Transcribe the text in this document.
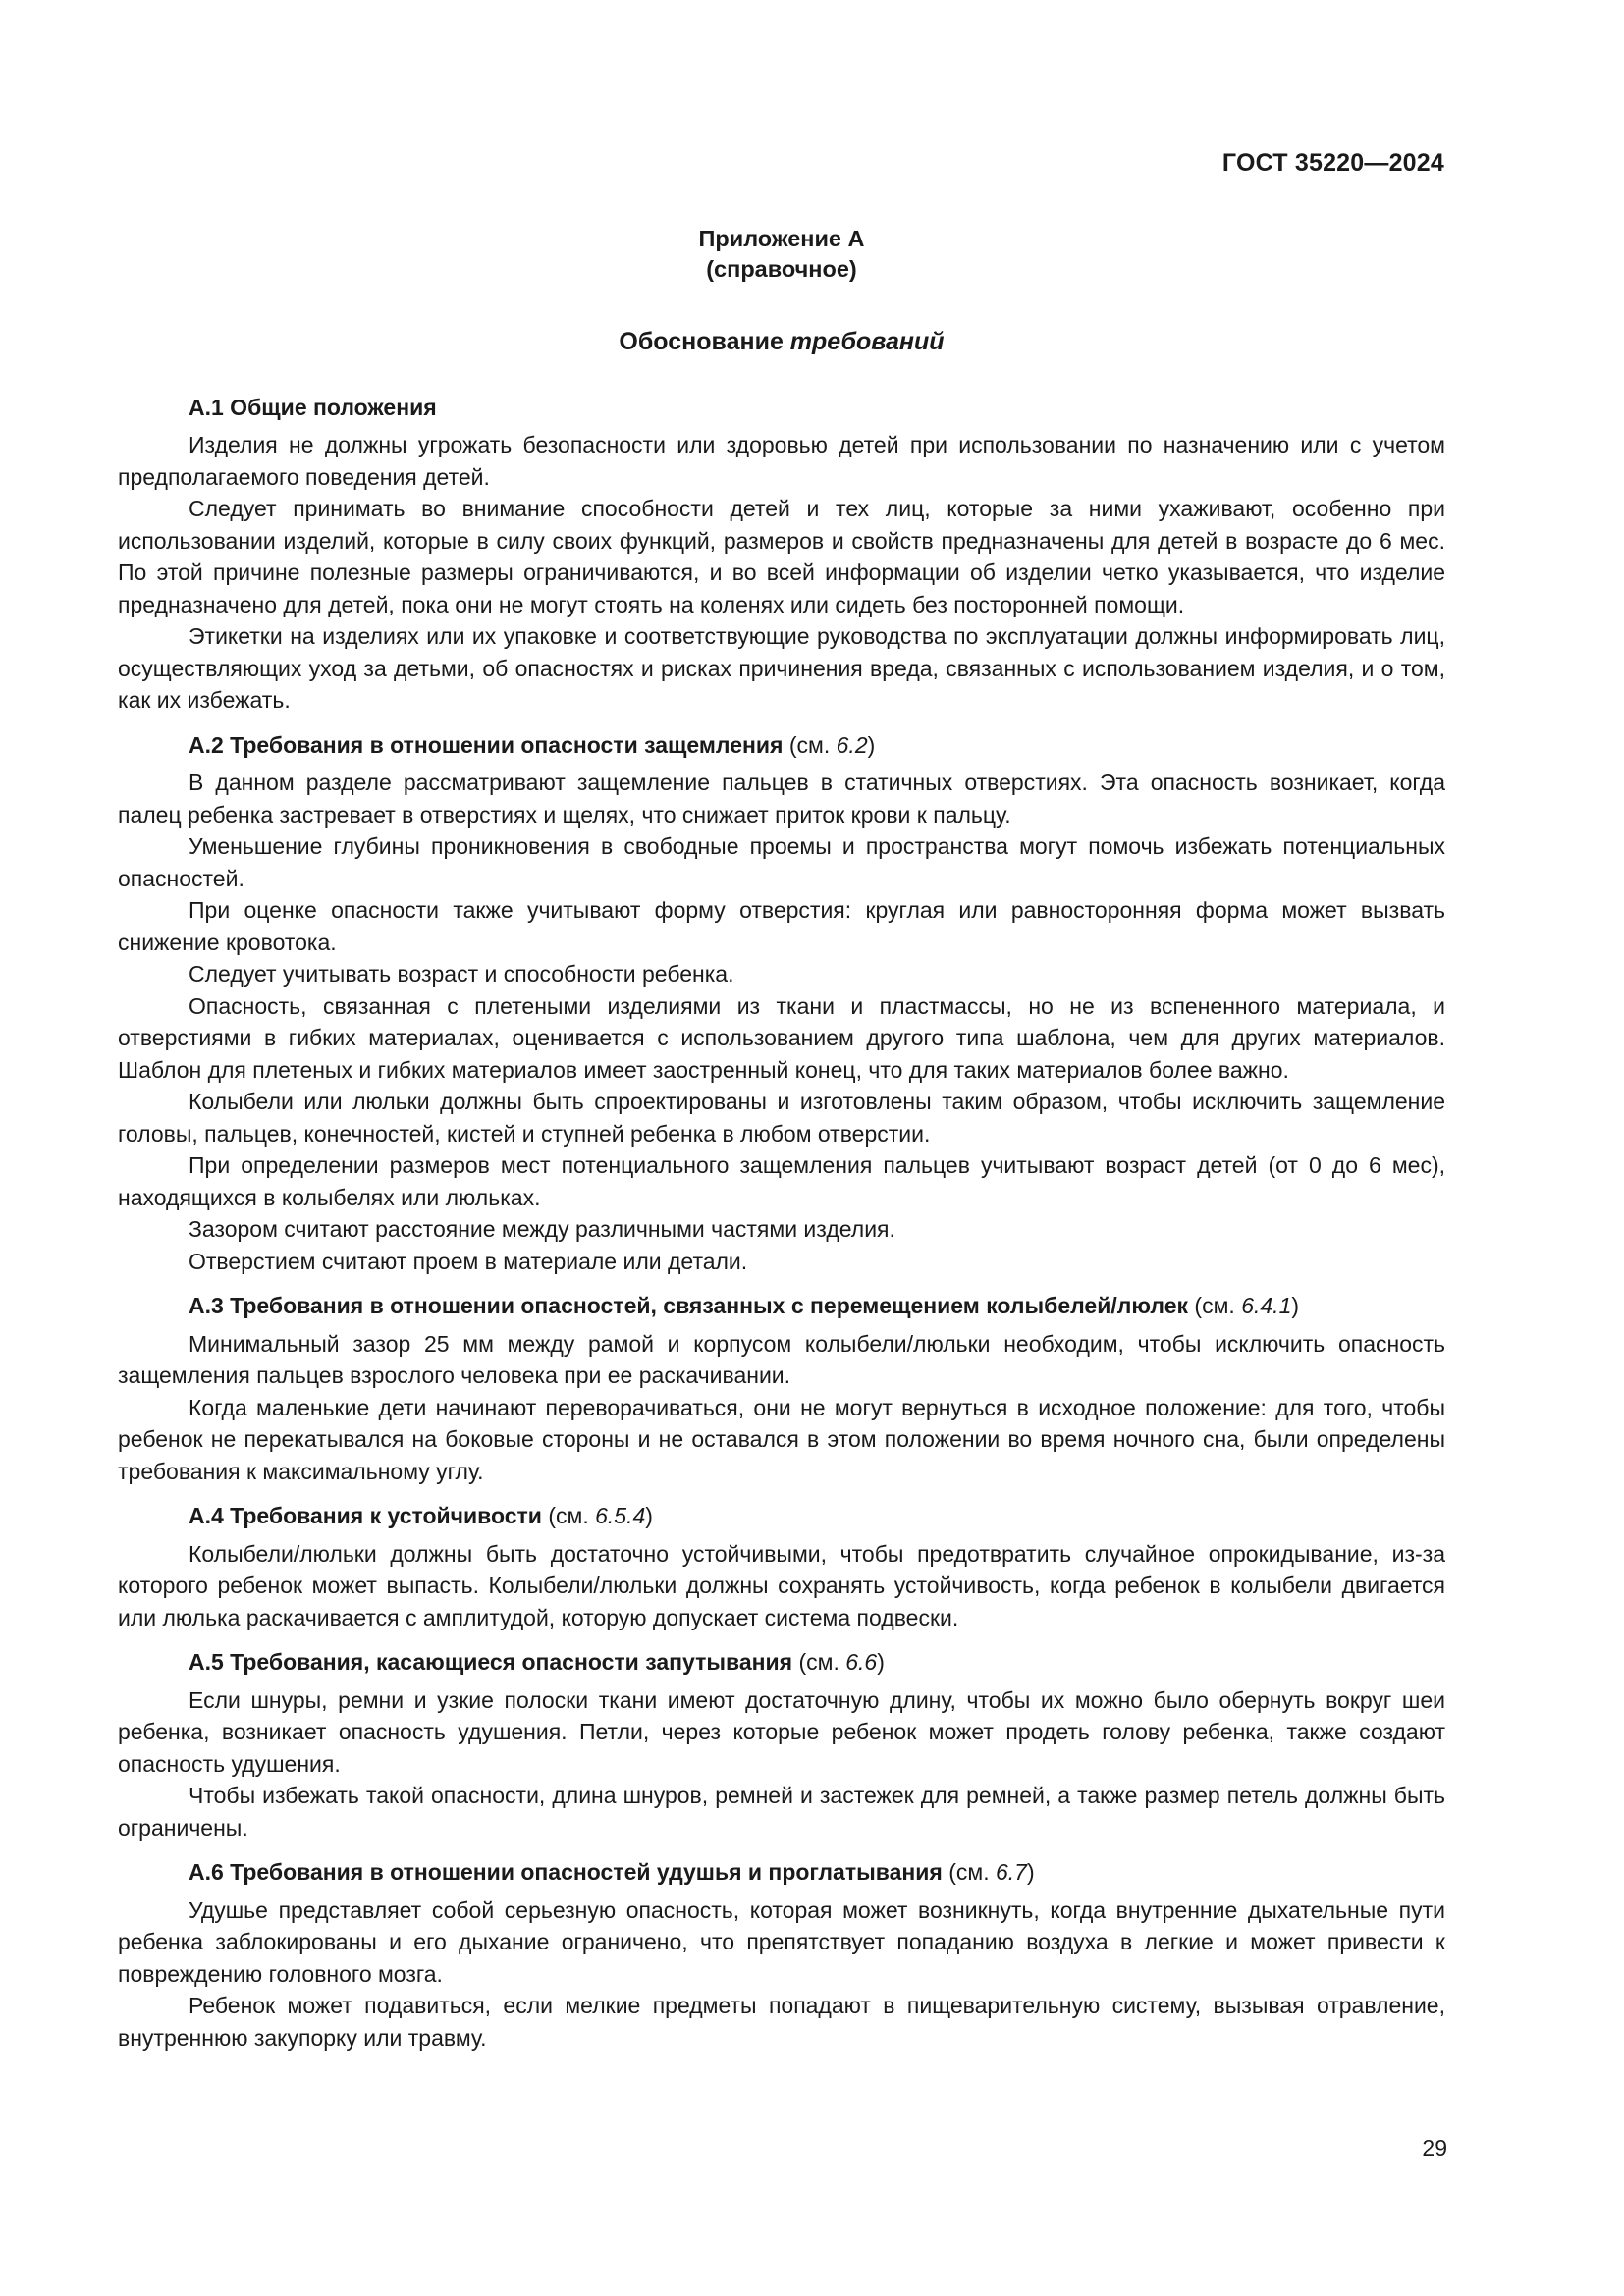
ГОСТ 35220—2024
Приложение А
(справочное)
Обоснование требований
А.1 Общие положения

Изделия не должны угрожать безопасности или здоровью детей при использовании по назначению или с учетом предполагаемого поведения детей.

Следует принимать во внимание способности детей и тех лиц, которые за ними ухаживают, особенно при использовании изделий, которые в силу своих функций, размеров и свойств предназначены для детей в возрасте до 6 мес. По этой причине полезные размеры ограничиваются, и во всей информации об изделии четко указывается, что изделие предназначено для детей, пока они не могут стоять на коленях или сидеть без посторонней помощи.

Этикетки на изделиях или их упаковке и соответствующие руководства по эксплуатации должны информировать лиц, осуществляющих уход за детьми, об опасностях и рисках причинения вреда, связанных с использованием изделия, и о том, как их избежать.

А.2 Требования в отношении опасности защемления (см. 6.2)

В данном разделе рассматривают защемление пальцев в статичных отверстиях. Эта опасность возникает, когда палец ребенка застревает в отверстиях и щелях, что снижает приток крови к пальцу.

Уменьшение глубины проникновения в свободные проемы и пространства могут помочь избежать потенциальных опасностей.

При оценке опасности также учитывают форму отверстия: круглая или равносторонняя форма может вызвать снижение кровотока.

Следует учитывать возраст и способности ребенка.

Опасность, связанная с плетеными изделиями из ткани и пластмассы, но не из вспененного материала, и отверстиями в гибких материалах, оценивается с использованием другого типа шаблона, чем для других материалов. Шаблон для плетеных и гибких материалов имеет заостренный конец, что для таких материалов более важно.

Колыбели или люльки должны быть спроектированы и изготовлены таким образом, чтобы исключить защемление головы, пальцев, конечностей, кистей и ступней ребенка в любом отверстии.

При определении размеров мест потенциального защемления пальцев учитывают возраст детей (от 0 до 6 мес), находящихся в колыбелях или люльках.

Зазором считают расстояние между различными частями изделия.

Отверстием считают проем в материале или детали.

А.3 Требования в отношении опасностей, связанных с перемещением колыбелей/люлек (см. 6.4.1)

Минимальный зазор 25 мм между рамой и корпусом колыбели/люльки необходим, чтобы исключить опасность защемления пальцев взрослого человека при ее раскачивании.

Когда маленькие дети начинают переворачиваться, они не могут вернуться в исходное положение: для того, чтобы ребенок не перекатывался на боковые стороны и не оставался в этом положении во время ночного сна, были определены требования к максимальному углу.

А.4 Требования к устойчивости (см. 6.5.4)

Колыбели/люльки должны быть достаточно устойчивыми, чтобы предотвратить случайное опрокидывание, из-за которого ребенок может выпасть. Колыбели/люльки должны сохранять устойчивость, когда ребенок в колыбели двигается или люлька раскачивается с амплитудой, которую допускает система подвески.

А.5 Требования, касающиеся опасности запутывания (см. 6.6)

Если шнуры, ремни и узкие полоски ткани имеют достаточную длину, чтобы их можно было обернуть вокруг шеи ребенка, возникает опасность удушения. Петли, через которые ребенок может продеть голову ребенка, также создают опасность удушения.

Чтобы избежать такой опасности, длина шнуров, ремней и застежек для ремней, а также размер петель должны быть ограничены.

А.6 Требования в отношении опасностей удушья и проглатывания (см. 6.7)

Удушье представляет собой серьезную опасность, которая может возникнуть, когда внутренние дыхательные пути ребенка заблокированы и его дыхание ограничено, что препятствует попаданию воздуха в легкие и может привести к повреждению головного мозга.

Ребенок может подавиться, если мелкие предметы попадают в пищеварительную систему, вызывая отравление, внутреннюю закупорку или травму.

29
